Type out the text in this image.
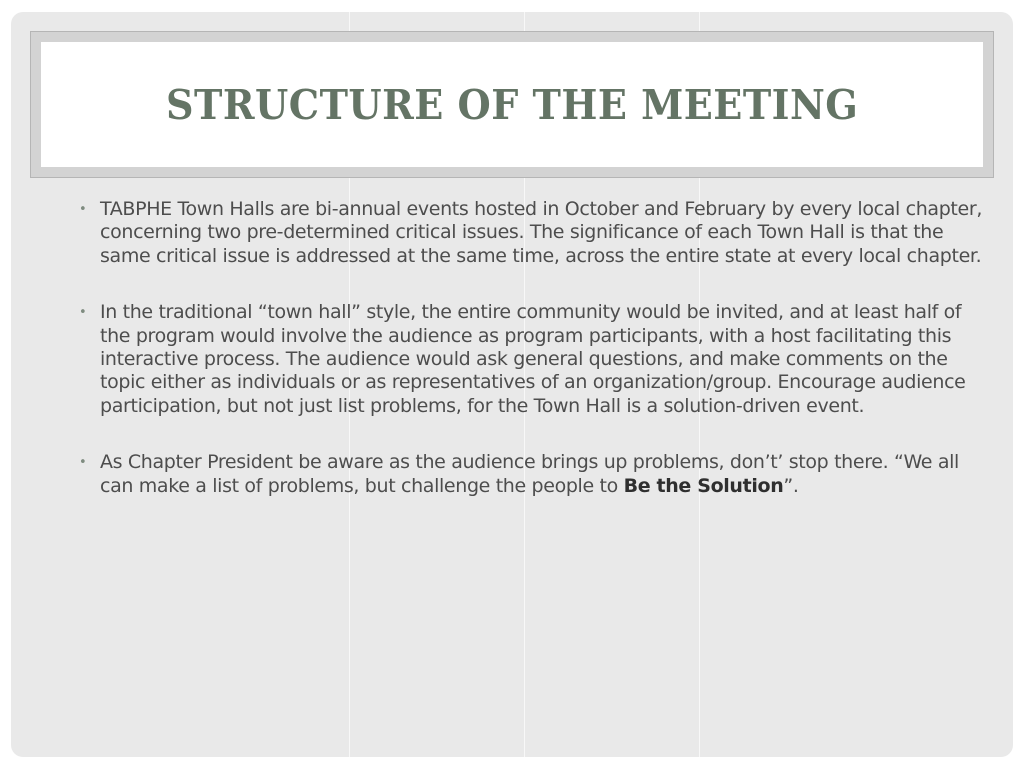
STRUCTURE OF THE MEETING
• TABPHE Town Halls are bi-annual events hosted in October and February by every local chapter, concerning two pre-determined critical issues. The significance of each Town Hall is that the same critical issue is addressed at the same time, across the entire state at every local chapter.
• In the traditional “town hall” style, the entire community would be invited, and at least half of the program would involve the audience as program participants, with a host facilitating this interactive process. The audience would ask general questions, and make comments on the topic either as individuals or as representatives of an organization/group. Encourage audience participation, but not just list problems, for the Town Hall is a solution-driven event.
• As Chapter President be aware as the audience brings up problems, don’t’ stop there. “We all can make a list of problems, but challenge the people to Be the Solution”.
